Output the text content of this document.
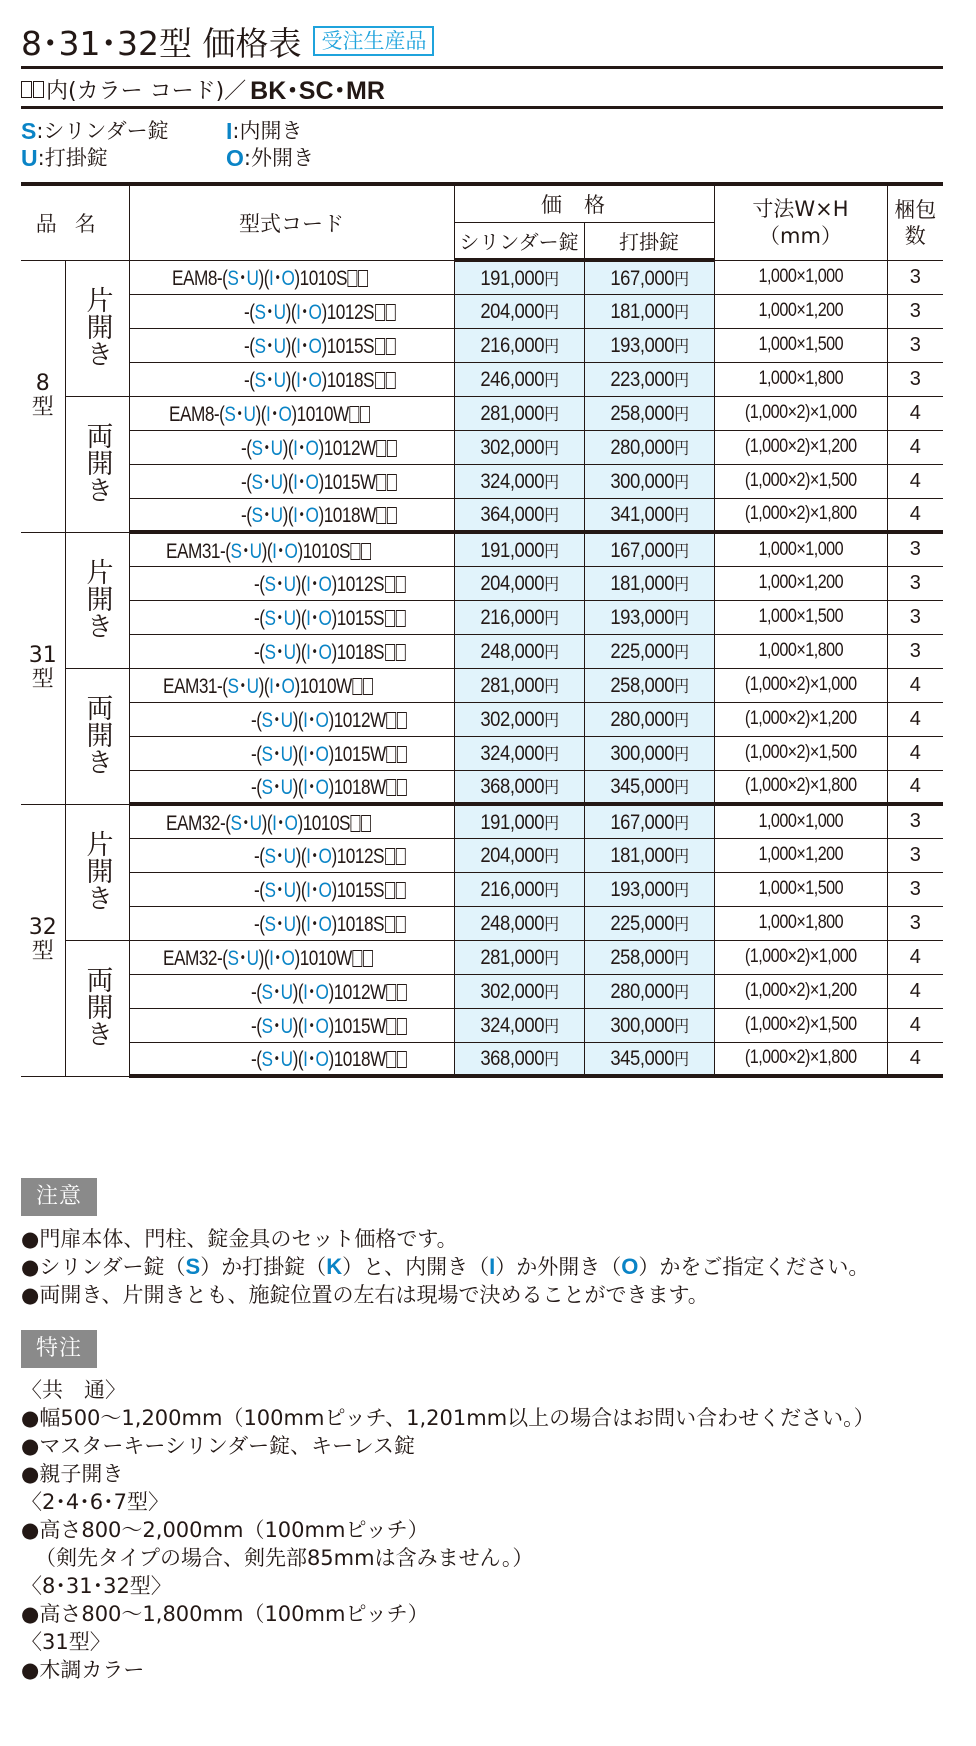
8･31･32型 価格表 受注生産品
内(カラー コード)／ BK･SC･MR
S :シリンダー錠 I :内開き
U :打掛錠	O :外開き
品名		型式コード	価格		寸法W×H
（mm）	梱包
数
			シリンダー錠	打掛錠		

8
型	片開き	EAM8-(S･U)(I･O)1010S	191,000円	167,000円	1,000×1,000	3
		-(S･U)(I･O)1012S	204,000円	181,000円	1,000×1,200	3
		-(S･U)(I･O)1015S	216,000円	193,000円	1,000×1,500	3
		-(S･U)(I･O)1018S	246,000円	223,000円	1,000×1,800	3
	両開き	EAM8-(S･U)(I･O)1010W	281,000円	258,000円	(1,000×2)×1,000	4
		-(S･U)(I･O)1012W	302,000円	280,000円	(1,000×2)×1,200	4
		-(S･U)(I･O)1015W	324,000円	300,000円	(1,000×2)×1,500	4
		-(S･U)(I･O)1018W	364,000円	341,000円	(1,000×2)×1,800	4

31
型	片開き	EAM31-(S･U)(I･O)1010S	191,000円	167,000円	1,000×1,000	3
		-(S･U)(I･O)1012S	204,000円	181,000円	1,000×1,200	3
		-(S･U)(I･O)1015S	216,000円	193,000円	1,000×1,500	3
		-(S･U)(I･O)1018S	248,000円	225,000円	1,000×1,800	3
	両開き	EAM31-(S･U)(I･O)1010W	281,000円	258,000円	(1,000×2)×1,000	4
		-(S･U)(I･O)1012W	302,000円	280,000円	(1,000×2)×1,200	4
		-(S･U)(I･O)1015W	324,000円	300,000円	(1,000×2)×1,500	4
		-(S･U)(I･O)1018W	368,000円	345,000円	(1,000×2)×1,800	4

32
型	片開き	EAM32-(S･U)(I･O)1010S	191,000円	167,000円	1,000×1,000	3
		-(S･U)(I･O)1012S	204,000円	181,000円	1,000×1,200	3
		-(S･U)(I･O)1015S	216,000円	193,000円	1,000×1,500	3
		-(S･U)(I･O)1018S	248,000円	225,000円	1,000×1,800	3
	両開き	EAM32-(S･U)(I･O)1010W	281,000円	258,000円	(1,000×2)×1,000	4
		-(S･U)(I･O)1012W	302,000円	280,000円	(1,000×2)×1,200	4
		-(S･U)(I･O)1015W	324,000円	300,000円	(1,000×2)×1,500	4
		-(S･U)(I･O)1018W	368,000円	345,000円	(1,000×2)×1,800	4
注意
● 門扉本体、門柱、錠金具のセット価格です。
● シリンダー錠（S）か打掛錠（K）と、内開き（I）か外開き（O）かをご指定ください。
● 両開き、片開きとも、施錠位置の左右は現場で決めることができます。
特注
〈共　通〉
● 幅500〜1,200mm（100mmピッチ、1,201mm以上の場合はお問い合わせください。）
● マスターキーシリンダー錠、キーレス錠
● 親子開き
〈2･4･6･7型〉
● 高さ800〜2,000mm（100mmピッチ）
（剣先タイプの場合、剣先部85mmは含みません。）
〈8･31･32型〉
● 高さ800〜1,800mm（100mmピッチ）
〈31型〉
● 木調カラー
